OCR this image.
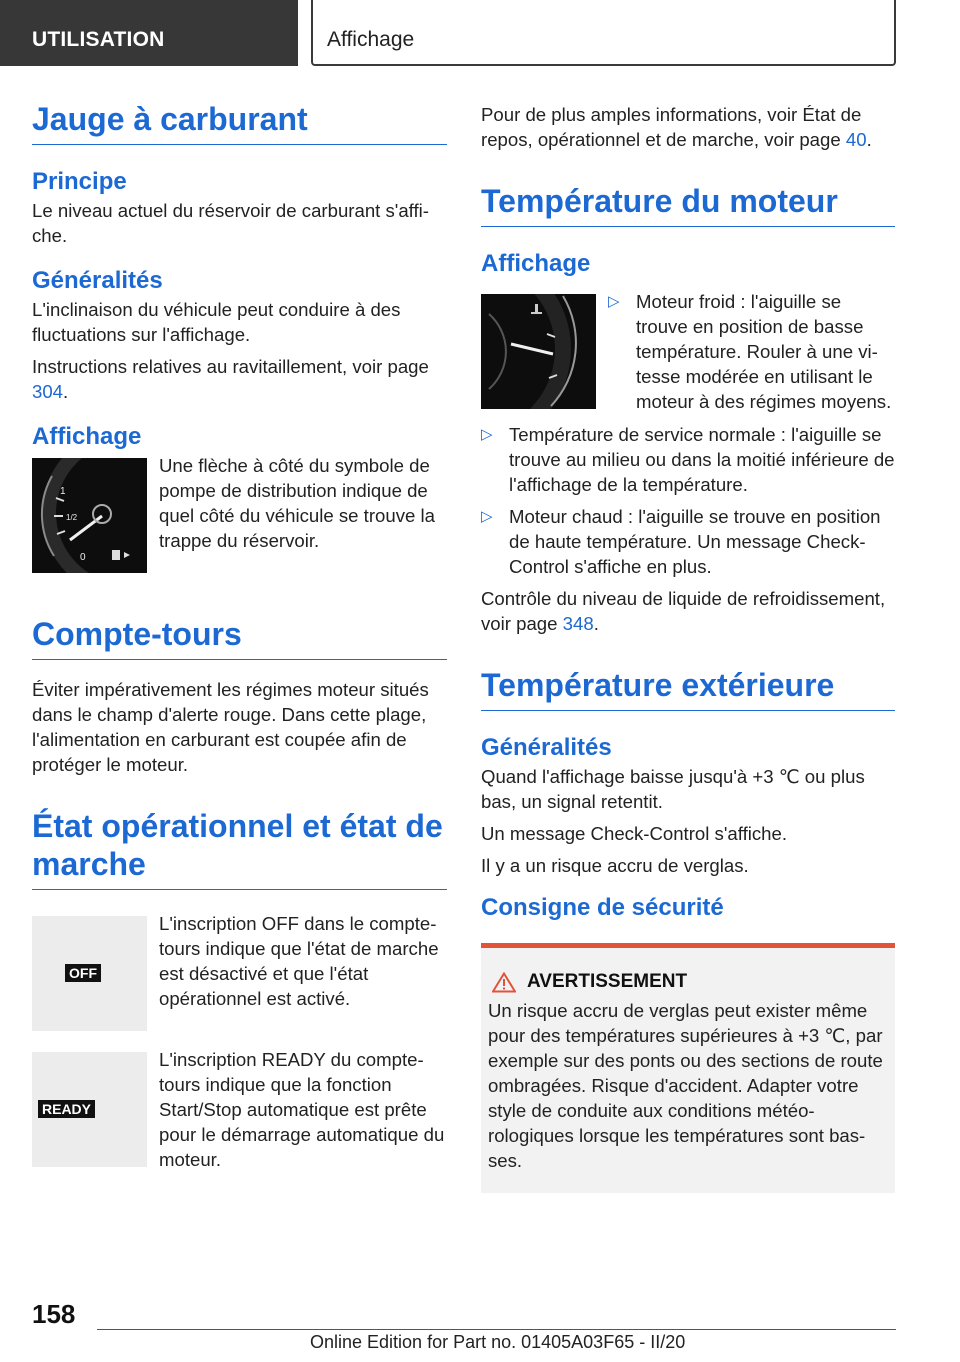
UTILISATION	Affichage
Jauge à carburant
Principe

Le niveau actuel du réservoir de carburant s'affi‐che.

Généralités

L'inclinaison du véhicule peut conduire à des fluctuations sur l'affichage.

Instructions relatives au ravitaillement, voir page 304.

Affichage
1
1/2
0

Une flèche à côté du symbole de pompe de distribution indique de quel côté du véhicule se trouve la trappe du réservoir.

Compte-tours

Éviter impérativement les régimes moteur situés dans le champ d'alerte rouge. Dans cette plage, l'alimentation en carburant est coupée afin de protéger le moteur.

État opérationnel et état de marche
OFF

L'inscription OFF dans le compte-tours indique que l'état de marche est désactivé et que l'état opérationnel est activé.

READY

L'inscription READY du compte-tours indique que la fonction Start/Stop automatique est prête pour le démarrage automatique du moteur.

Pour de plus amples informations, voir État de repos, opérationnel et de marche, voir page 40.

Température du moteur
Affichage
▷ Moteur froid : l'aiguille se trouve en position de basse température. Rouler à une vi‐tesse modérée en utilisant le moteur à des régimes moyens.
▷ Température de service normale : l'aiguille se trouve au milieu ou dans la moitié inférieure de l'affichage de la température.
▷ Moteur chaud : l'aiguille se trouve en position de haute température. Un message Check-Control s'affiche en plus.

Contrôle du niveau de liquide de refroidissement, voir page 348.

Température extérieure
Généralités

Quand l'affichage baisse jusqu'à +3 ℃ ou plus bas, un signal retentit.

Un message Check-Control s'affiche.

Il y a un risque accru de verglas.

Consigne de sécurité
AVERTISSEMENT

Un risque accru de verglas peut exister même pour des températures supérieures à +3 ℃, par exemple sur des ponts ou des sections de route ombragées. Risque d'accident. Adapter votre style de conduite aux conditions météo‐rologiques lorsque les températures sont bas‐ses.

158
Online Edition for Part no. 01405A03F65 - II/20
